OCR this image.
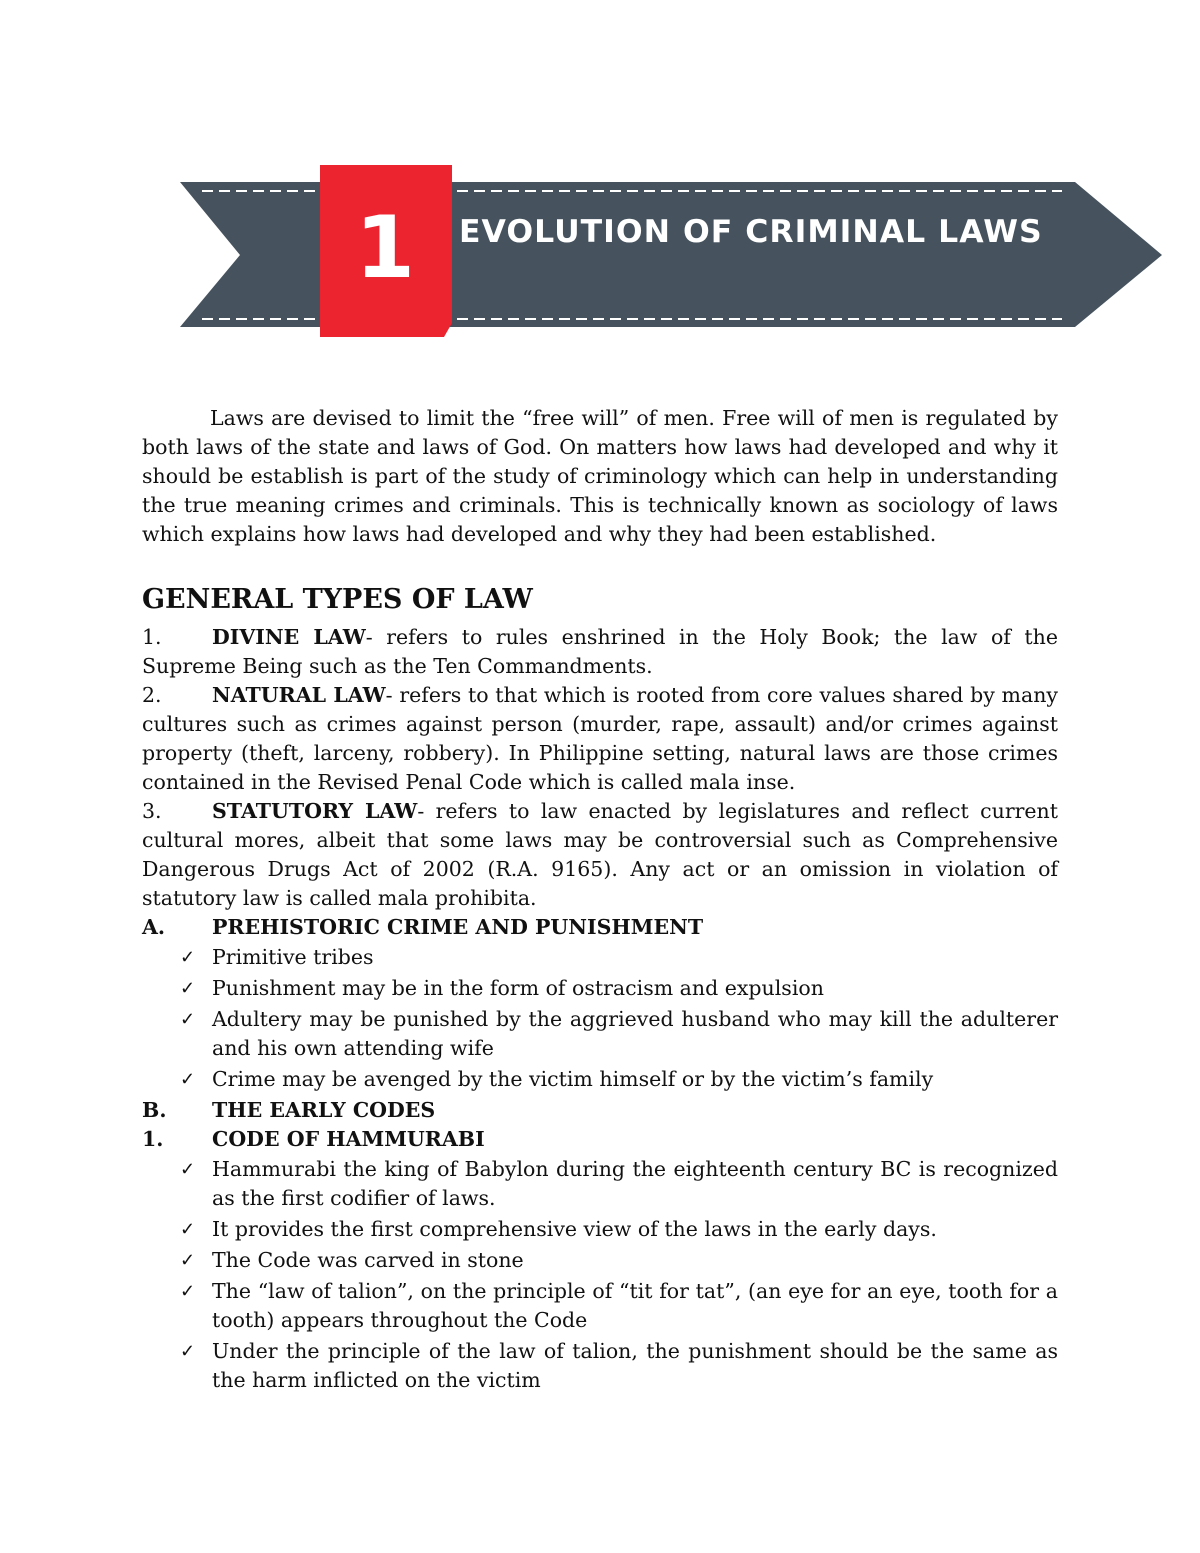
1 EVOLUTION OF CRIMINAL LAWS

Laws are devised to limit the “free will” of men. Free will of men is regulated by both laws of the state and laws of God. On matters how laws had developed and why it should be establish is part of the study of criminology which can help in understanding the true meaning crimes and criminals. This is technically known as sociology of laws which explains how laws had developed and why they had been established.

GENERAL TYPES OF LAW

1. DIVINE LAW- refers to rules enshrined in the Holy Book; the law of the Supreme Being such as the Ten Commandments.

2. NATURAL LAW- refers to that which is rooted from core values shared by many cultures such as crimes against person (murder, rape, assault) and/or crimes against property (theft, larceny, robbery). In Philippine setting, natural laws are those crimes contained in the Revised Penal Code which is called mala inse.

3. STATUTORY LAW- refers to law enacted by legislatures and reflect current cultural mores, albeit that some laws may be controversial such as Comprehensive Dangerous Drugs Act of 2002 (R.A. 9165). Any act or an omission in violation of statutory law is called mala prohibita.

A.	PREHISTORIC CRIME AND PUNISHMENT
✓ Primitive tribes
✓ Punishment may be in the form of ostracism and expulsion
✓ Adultery may be punished by the aggrieved husband who may kill the adulterer and his own attending wife
✓ Crime may be avenged by the victim himself or by the victim’s family
B.	THE EARLY CODES
1.	CODE OF HAMMURABI
✓ Hammurabi the king of Babylon during the eighteenth century BC is recognized as the first codifier of laws.
✓ It provides the first comprehensive view of the laws in the early days.
✓ The Code was carved in stone
✓ The “law of talion”, on the principle of “tit for tat”, (an eye for an eye, tooth for a tooth) appears throughout the Code
✓ Under the principle of the law of talion, the punishment should be the same as the harm inflicted on the victim
